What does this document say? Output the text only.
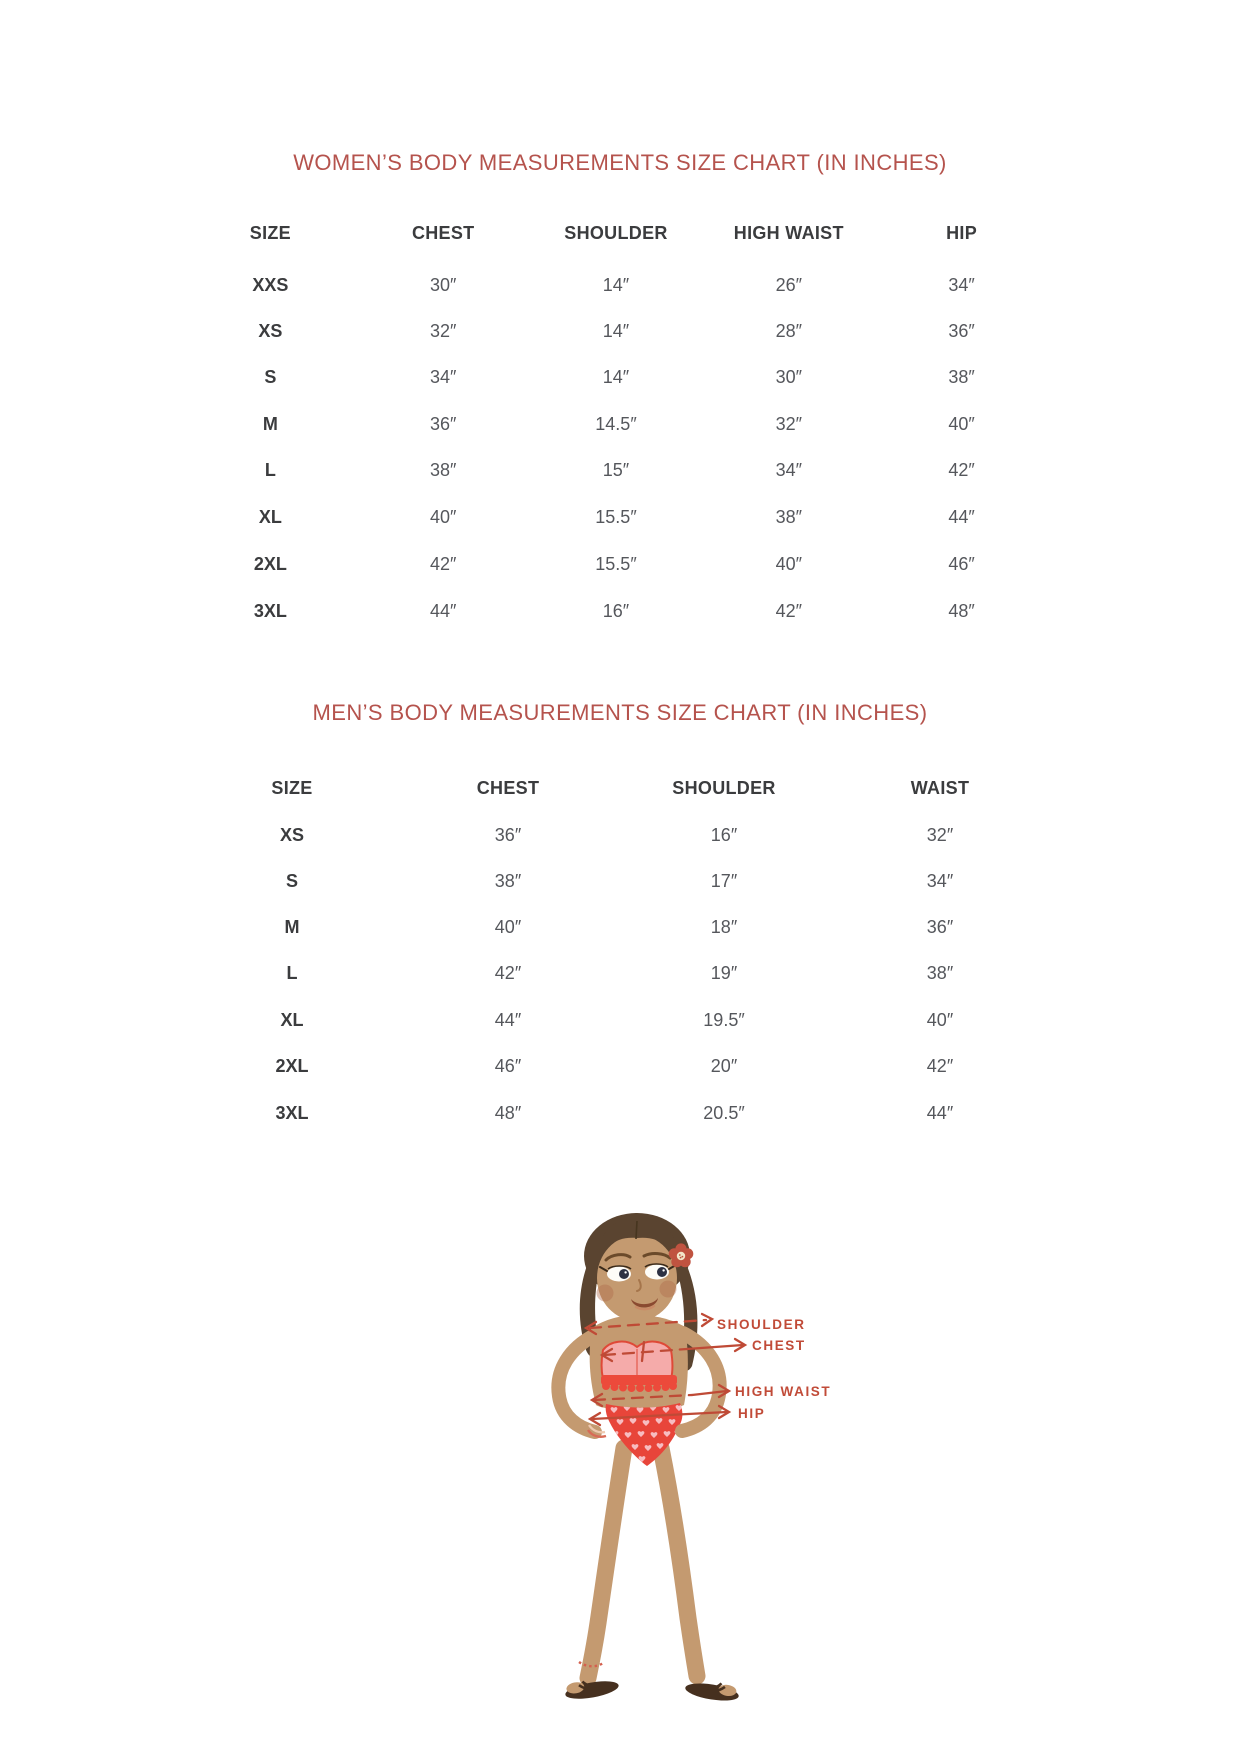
WOMEN’S BODY MEASUREMENTS SIZE CHART (IN INCHES)
SIZE	CHEST	SHOULDER	HIGH WAIST	HIP
XXS	30″	14″	26″	34″
XS	32″	14″	28″	36″
S	34″	14″	30″	38″
M	36″	14.5″	32″	40″
L	38″	15″	34″	42″
XL	40″	15.5″	38″	44″
2XL	42″	15.5″	40″	46″
3XL	44″	16″	42″	48″
MEN’S BODY MEASUREMENTS SIZE CHART (IN INCHES)
SIZE	CHEST	SHOULDER	WAIST
XS	36″	16″	32″
S	38″	17″	34″
M	40″	18″	36″
L	42″	19″	38″
XL	44″	19.5″	40″
2XL	46″	20″	42″
3XL	48″	20.5″	44″
SHOULDER
CHEST
HIGH WAIST
HIP
